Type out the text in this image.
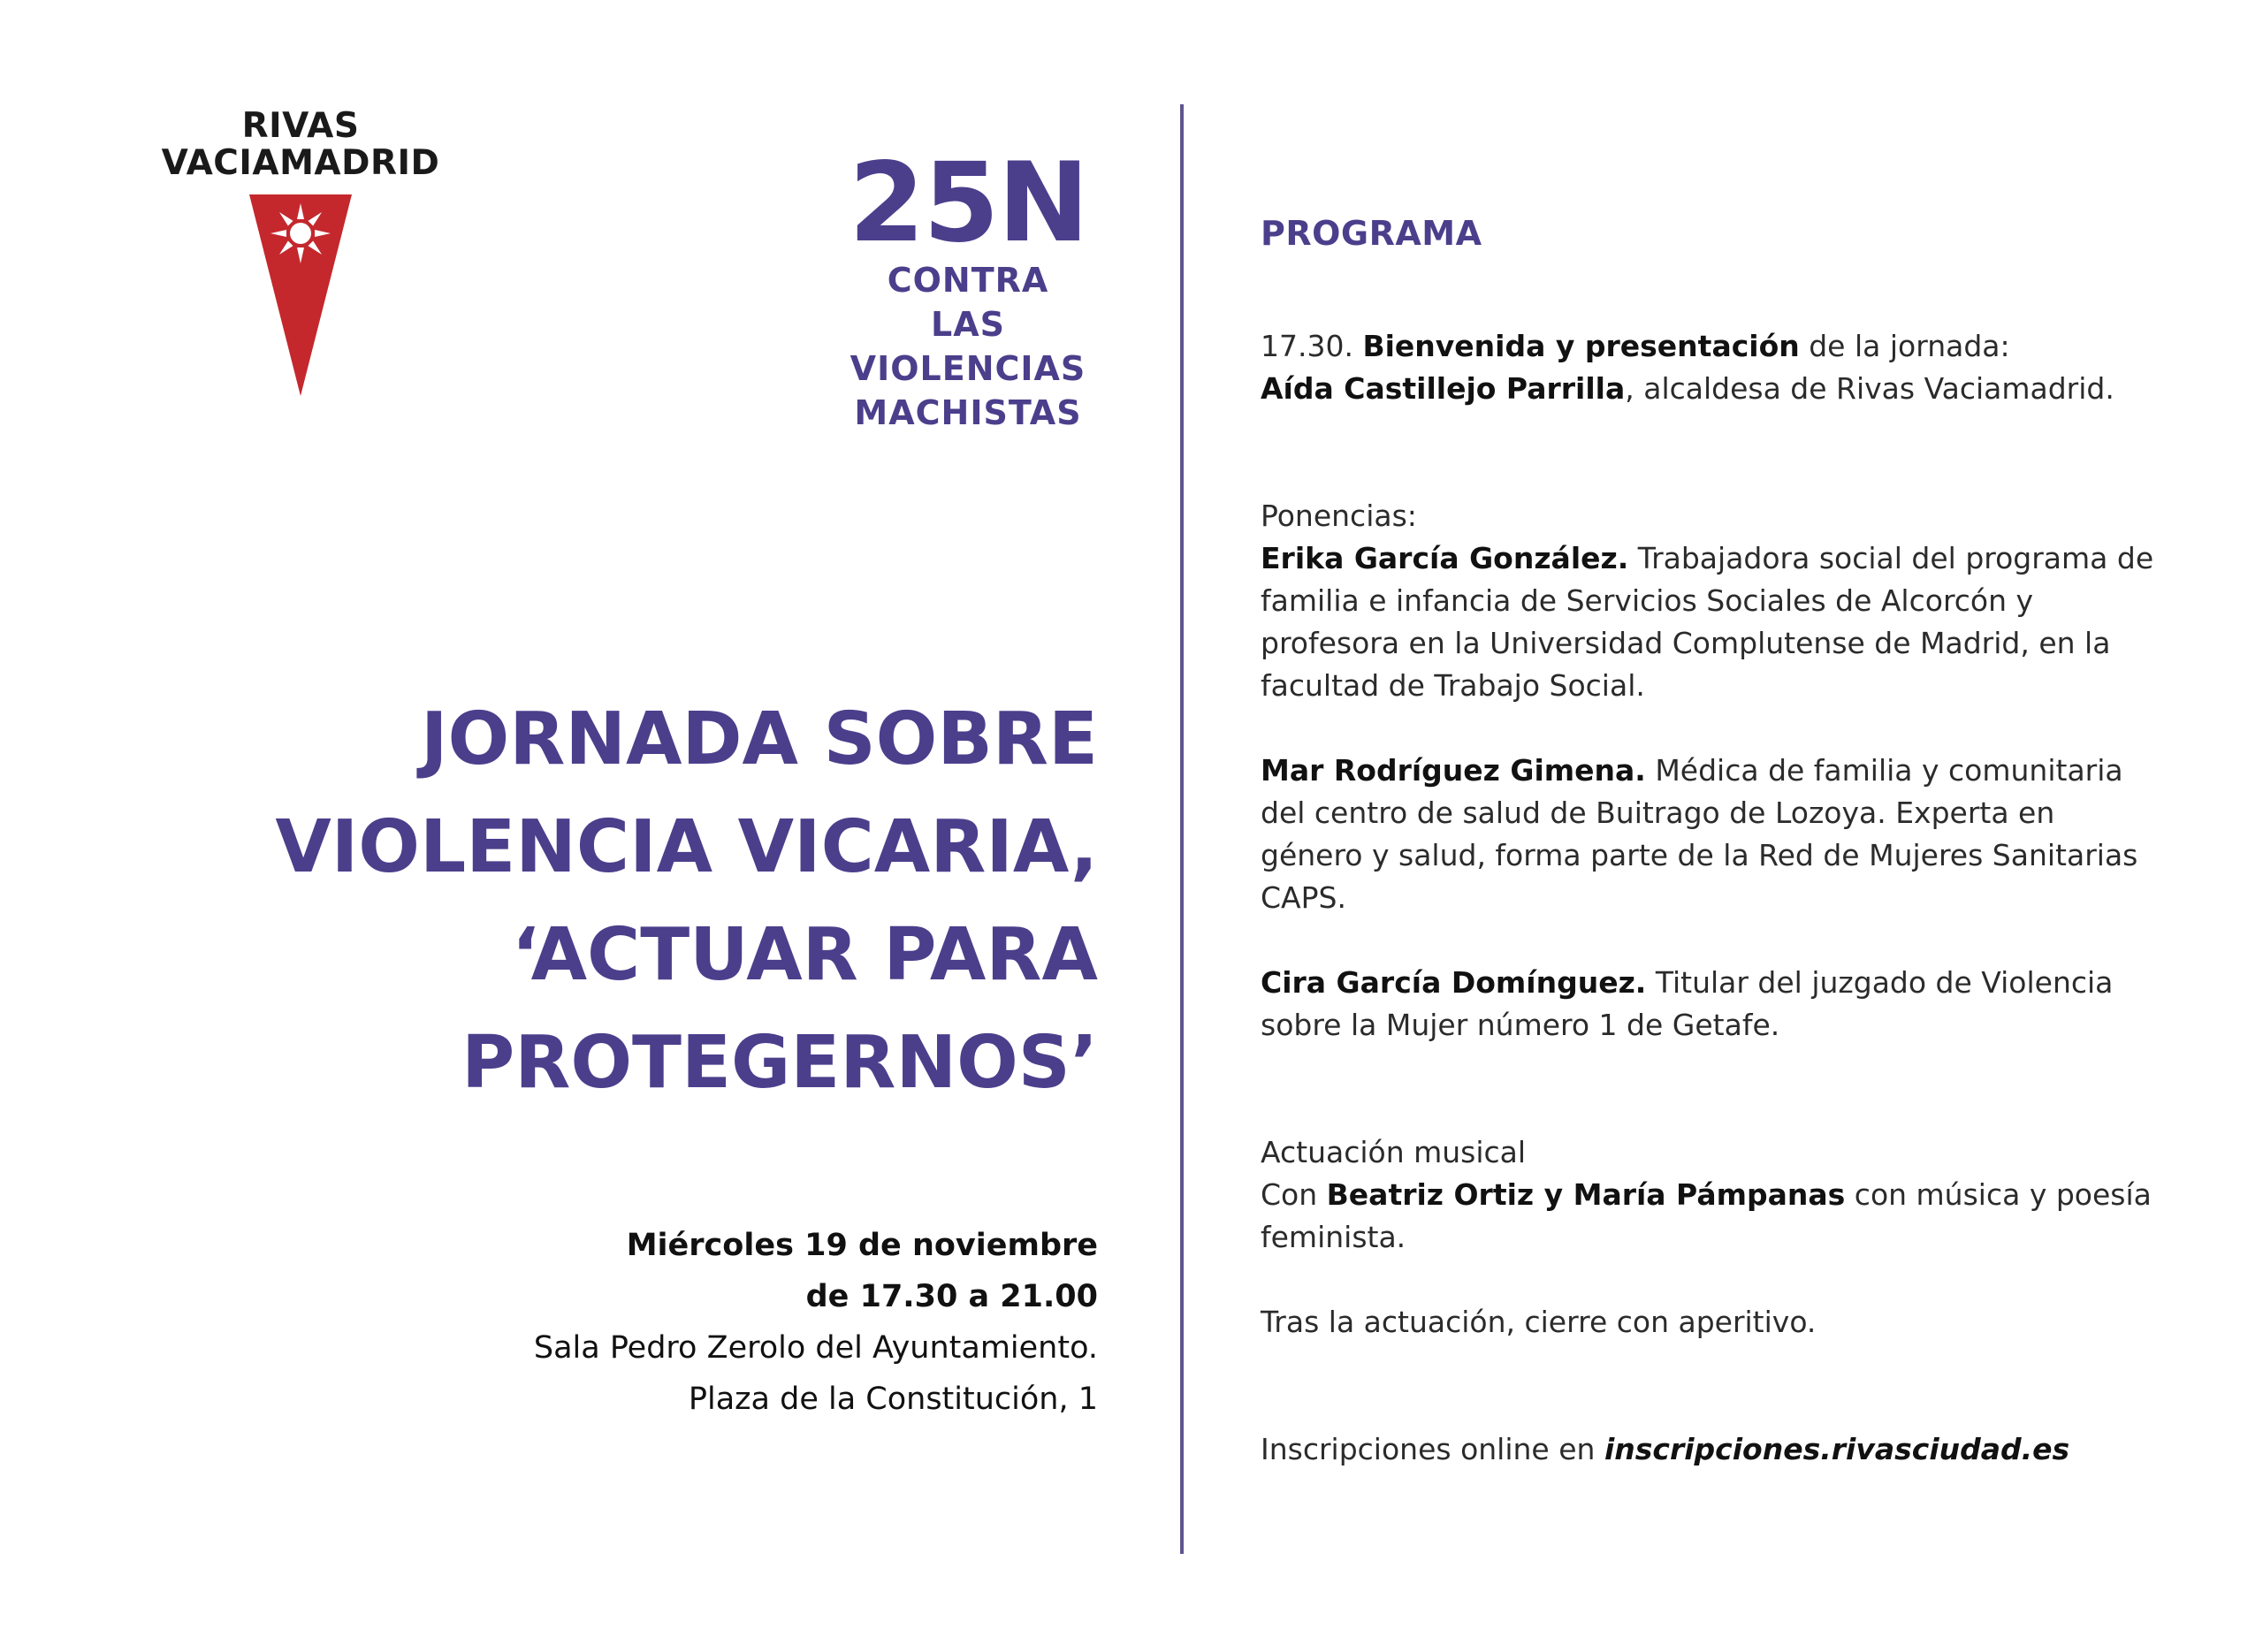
RIVAS
VACIAMADRID	25N
CONTRA LAS
VIOLENCIAS
MACHISTAS
JORNADA SOBRE
VIOLENCIA VICARIA,
‘ACTUAR PARA
PROTEGERNOS’
Miércoles 19 de noviembre
de 17.30 a 21.00
Sala Pedro Zerolo del Ayuntamiento.
Plaza de la Constitución, 1
PROGRAMA

17.30. Bienvenida y presentación de la jornada:

Aída Castillejo Parrilla, alcaldesa de Rivas Vaciamadrid.

Ponencias:

Erika García González. Trabajadora social del programa de familia e infancia de Servicios Sociales de Alcorcón y profesora en la Universidad Complutense de Madrid, en la facultad de Trabajo Social.

Mar Rodríguez Gimena. Médica de familia y comunitaria del centro de salud de Buitrago de Lozoya. Experta en género y salud, forma parte de la Red de Mujeres Sanitarias CAPS.

Cira García Domínguez. Titular del juzgado de Violencia sobre la Mujer número 1 de Getafe.

Actuación musical

Con Beatriz Ortiz y María Pámpanas con música y poesía feminista.

Tras la actuación, cierre con aperitivo.

Inscripciones online en inscripciones.rivasciudad.es
